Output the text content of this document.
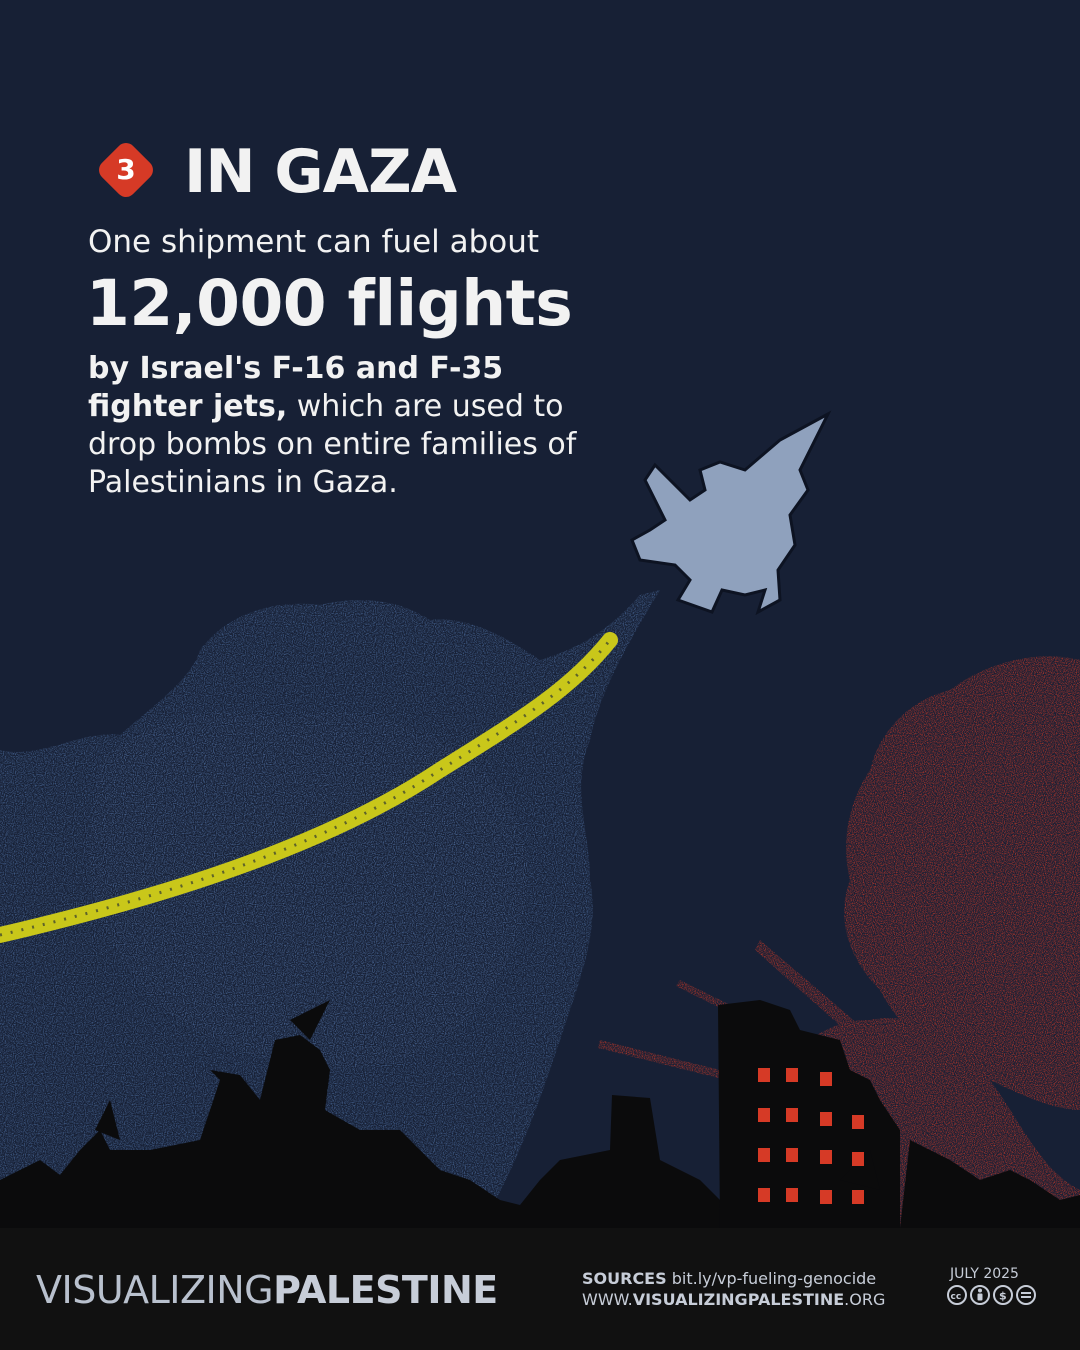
3 IN GAZA
One shipment can fuel about
12,000 flights
by Israel's F-16 and F-35 fighter jets, which are used to drop bombs on entire families of Palestinians in Gaza.
VISUALIZINGPALESTINE	SOURCES bit.ly/vp-fueling-genocide
WWW.VISUALIZINGPALESTINE.ORG
JULY 2025
cc	$
